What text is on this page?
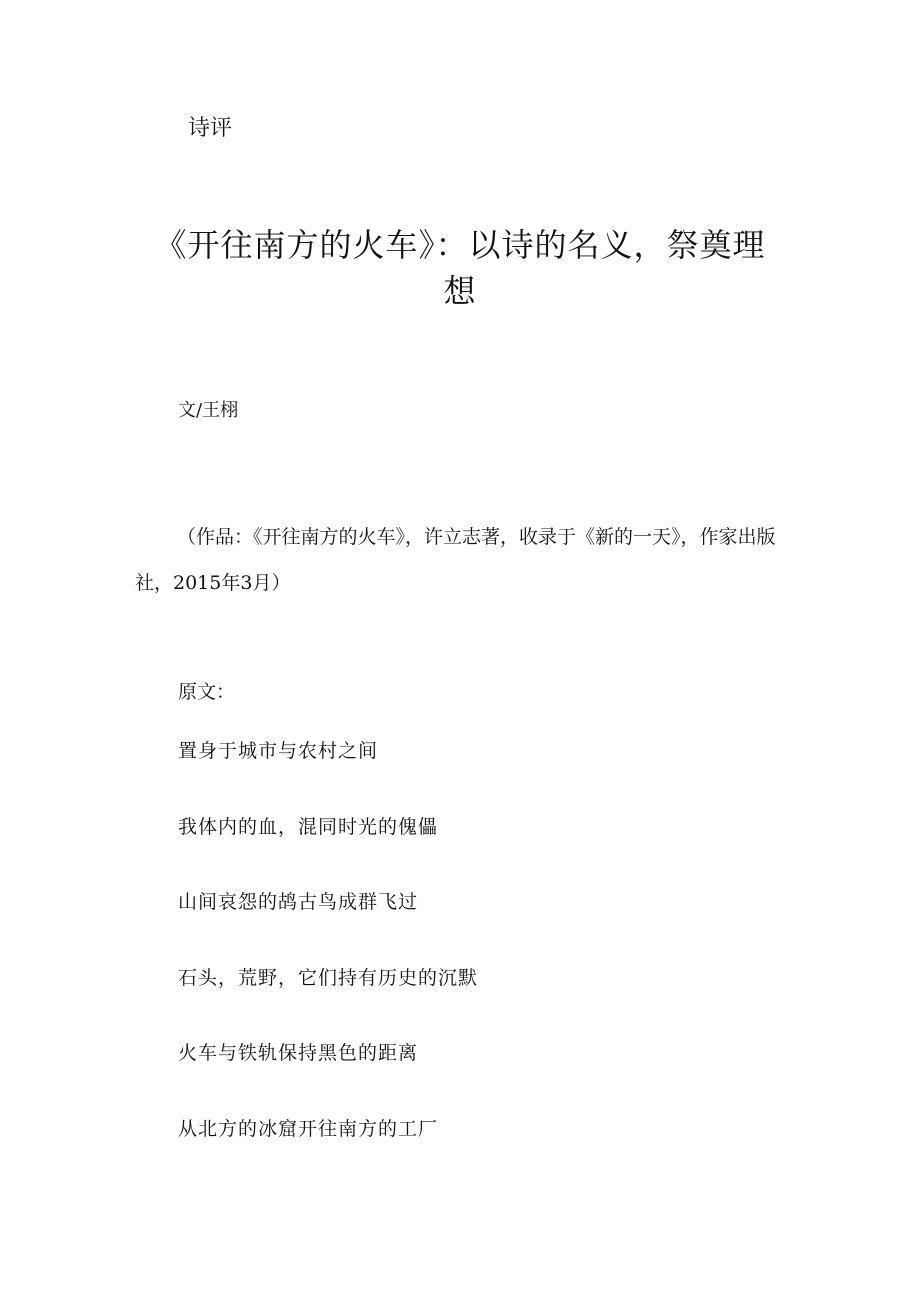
诗评
《开往南方的火车》：以诗的名义，祭奠理想
文/王栩
（作品：《开往南方的火车》，许立志著，收录于《新的一天》，作家出版社，2015年3月）
原文：
置身于城市与农村之间
我体内的血，混同时光的傀儡
山间哀怨的鸪古鸟成群飞过
石头，荒野，它们持有历史的沉默
火车与铁轨保持黑色的距离
从北方的冰窟开往南方的工厂
